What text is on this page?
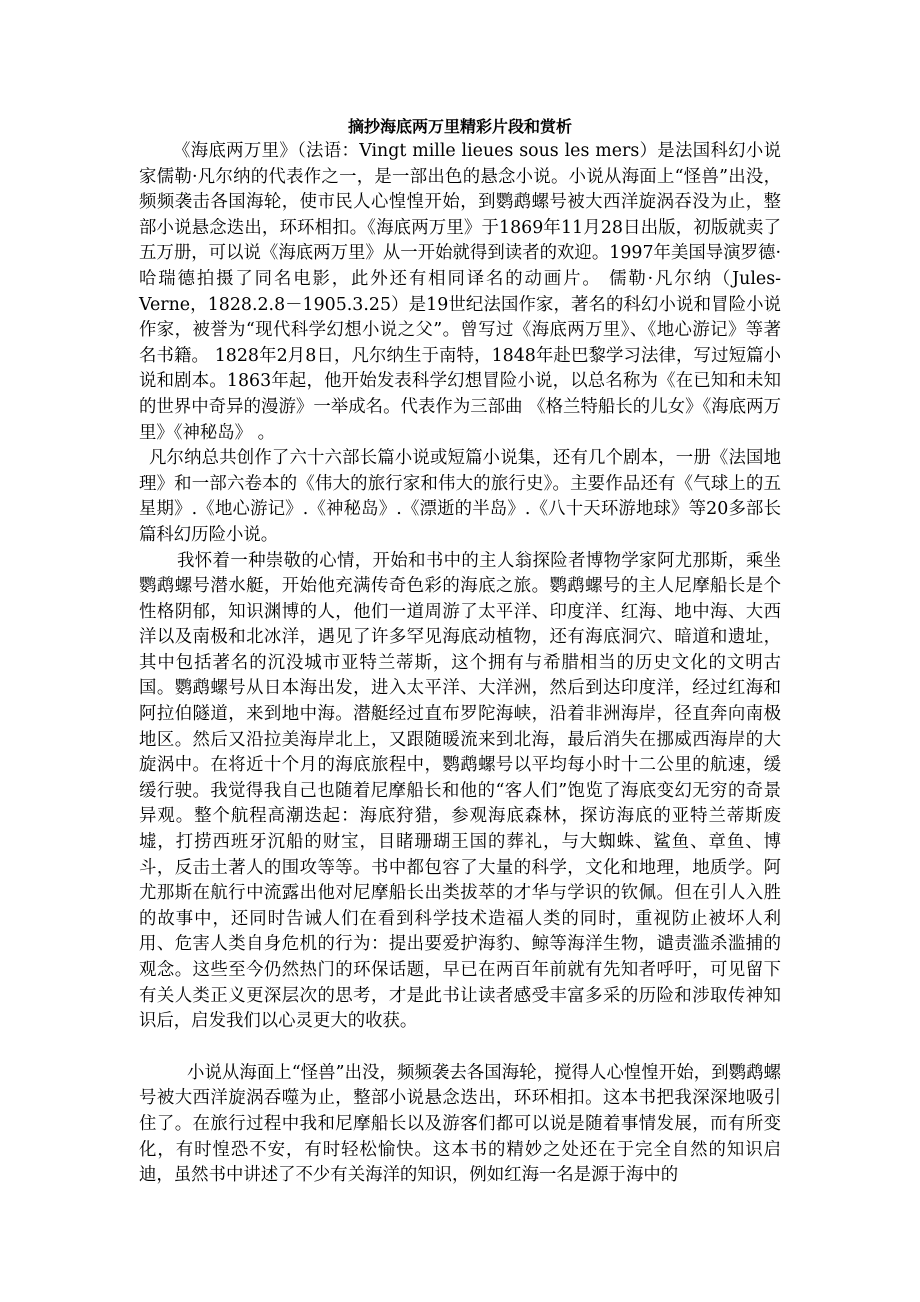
摘抄海底两万里精彩片段和赏析

《海底两万里》（法语：Vingt mille lieues sous les mers）是法国科幻小说家儒勒·凡尔纳的代表作之一，是一部出色的悬念小说。小说从海面上“怪兽”出没，频频袭击各国海轮，使市民人心惶惶开始，到鹦鹉螺号被大西洋旋涡吞没为止，整部小说悬念迭出，环环相扣。《海底两万里》于1869年11月28日出版，初版就卖了五万册，可以说《海底两万里》从一开始就得到读者的欢迎。1997年美国导演罗德·哈瑞德拍摄了同名电影，此外还有相同译名的动画片。 儒勒·凡尔纳（Jules-Verne，1828.2.8－1905.3.25）是19世纪法国作家，著名的科幻小说和冒险小说作家，被誉为“现代科学幻想小说之父”。曾写过《海底两万里》、《地心游记》等著名书籍。 1828年2月8日，凡尔纳生于南特，1848年赴巴黎学习法律，写过短篇小说和剧本。1863年起，他开始发表科学幻想冒险小说，以总名称为《在已知和未知的世界中奇异的漫游》一举成名。代表作为三部曲 《格兰特船长的儿女》《海底两万里》《神秘岛》 。

凡尔纳总共创作了六十六部长篇小说或短篇小说集，还有几个剧本，一册《法国地理》和一部六卷本的《伟大的旅行家和伟大的旅行史》。主要作品还有《气球上的五星期》.《地心游记》.《神秘岛》.《漂逝的半岛》.《八十天环游地球》等20多部长篇科幻历险小说。

我怀着一种崇敬的心情，开始和书中的主人翁探险者博物学家阿尤那斯，乘坐鹦鹉螺号潜水艇，开始他充满传奇色彩的海底之旅。鹦鹉螺号的主人尼摩船长是个性格阴郁，知识渊博的人，他们一道周游了太平洋、印度洋、红海、地中海、大西洋以及南极和北冰洋，遇见了许多罕见海底动植物，还有海底洞穴、暗道和遗址，其中包括著名的沉没城市亚特兰蒂斯，这个拥有与希腊相当的历史文化的文明古国。鹦鹉螺号从日本海出发，进入太平洋、大洋洲，然后到达印度洋，经过红海和阿拉伯隧道，来到地中海。潜艇经过直布罗陀海峡，沿着非洲海岸，径直奔向南极地区。然后又沿拉美海岸北上，又跟随暖流来到北海，最后消失在挪威西海岸的大旋涡中。在将近十个月的海底旅程中，鹦鹉螺号以平均每小时十二公里的航速，缓缓行驶。我觉得我自己也随着尼摩船长和他的“客人们”饱览了海底变幻无穷的奇景异观。整个航程高潮迭起：海底狩猎，参观海底森林，探访海底的亚特兰蒂斯废墟，打捞西班牙沉船的财宝，目睹珊瑚王国的葬礼，与大蜘蛛、鲨鱼、章鱼、博斗，反击土著人的围攻等等。书中都包容了大量的科学，文化和地理，地质学。阿尤那斯在航行中流露出他对尼摩船长出类拔萃的才华与学识的钦佩。但在引人入胜的故事中，还同时告诫人们在看到科学技术造福人类的同时，重视防止被坏人利用、危害人类自身危机的行为：提出要爱护海豹、鲸等海洋生物，谴责滥杀滥捕的观念。这些至今仍然热门的环保话题，早已在两百年前就有先知者呼吁，可见留下有关人类正义更深层次的思考，才是此书让读者感受丰富多采的历险和涉取传神知识后，启发我们以心灵更大的收获。

小说从海面上“怪兽”出没，频频袭去各国海轮，搅得人心惶惶开始，到鹦鹉螺号被大西洋旋涡吞噬为止，整部小说悬念迭出，环环相扣。这本书把我深深地吸引住了。在旅行过程中我和尼摩船长以及游客们都可以说是随着事情发展，而有所变化，有时惶恐不安，有时轻松愉快。这本书的精妙之处还在于完全自然的知识启迪，虽然书中讲述了不少有关海洋的知识，例如红海一名是源于海中的
